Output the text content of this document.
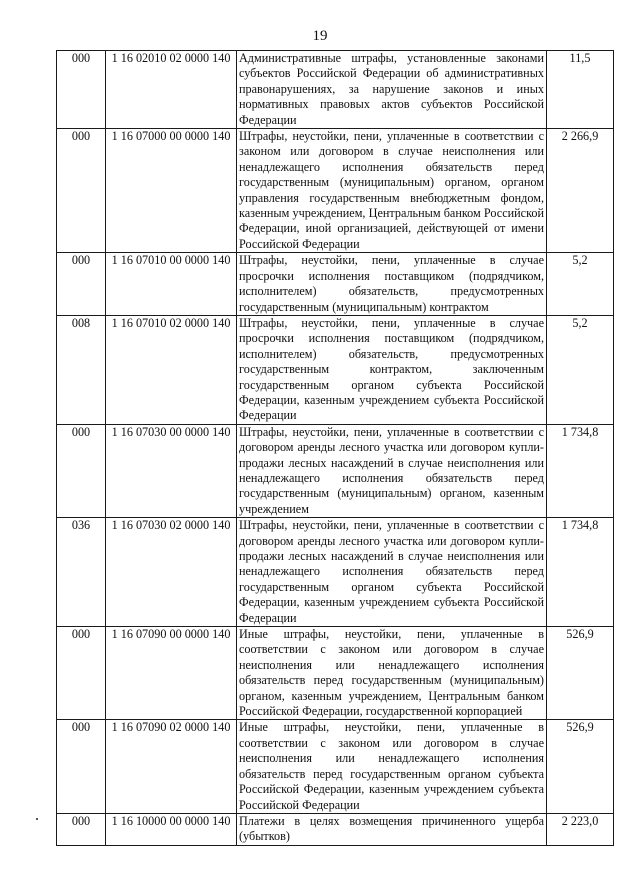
19
000	1 16 02010 02 0000 140	Административные штрафы, установленные законами субъектов Российской Федерации об административных правонарушениях, за нарушение законов и иных нормативных правовых актов субъектов Российской Федерации	11,5
000	1 16 07000 00 0000 140	Штрафы, неустойки, пени, уплаченные в соответствии с законом или договором в случае неисполнения или ненадлежащего исполнения обязательств перед государственным (муниципальным) органом, органом управления государственным внебюджетным фондом, казенным учреждением, Центральным банком Российской Федерации, иной организацией, действующей от имени Российской Федерации	2 266,9
000	1 16 07010 00 0000 140	Штрафы, неустойки, пени, уплаченные в случае просрочки исполнения поставщиком (подрядчиком, исполнителем) обязательств, предусмотренных государственным (муниципальным) контрактом	5,2
008	1 16 07010 02 0000 140	Штрафы, неустойки, пени, уплаченные в случае просрочки исполнения поставщиком (подрядчиком, исполнителем) обязательств, предусмотренных государственным контрактом, заключенным государственным органом субъекта Российской Федерации, казенным учреждением субъекта Российской Федерации	5,2
000	1 16 07030 00 0000 140	Штрафы, неустойки, пени, уплаченные в соответствии с договором аренды лесного участка или договором купли-продажи лесных насаждений в случае неисполнения или ненадлежащего исполнения обязательств перед государственным (муниципальным) органом, казенным учреждением	1 734,8
036	1 16 07030 02 0000 140	Штрафы, неустойки, пени, уплаченные в соответствии с договором аренды лесного участка или договором купли-продажи лесных насаждений в случае неисполнения или ненадлежащего исполнения обязательств перед государственным органом субъекта Российской Федерации, казенным учреждением субъекта Российской Федерации	1 734,8
000	1 16 07090 00 0000 140	Иные штрафы, неустойки, пени, уплаченные в соответствии с законом или договором в случае неисполнения или ненадлежащего исполнения обязательств перед государственным (муниципальным) органом, казенным учреждением, Центральным банком Российской Федерации, государственной корпорацией	526,9
000	1 16 07090 02 0000 140	Иные штрафы, неустойки, пени, уплаченные в соответствии с законом или договором в случае неисполнения или ненадлежащего исполнения обязательств перед государственным органом субъекта Российской Федерации, казенным учреждением субъекта Российской Федерации	526,9
000	1 16 10000 00 0000 140	Платежи в целях возмещения причиненного ущерба (убытков)	2 223,0
